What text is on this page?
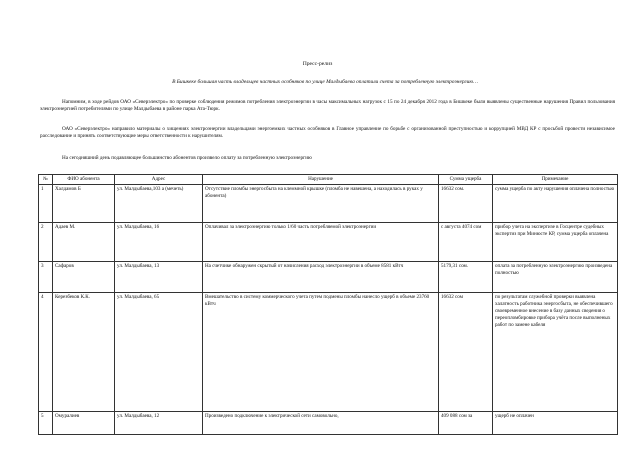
Пресс-релиз
В Бишкеке большая часть владельцев частных особняков по улице Малдыбаева оплатили счета за потребленную электроэнергию…
Напомним, в ходе рейдов ОАО «Северэлектро» по проверке соблюдения режимов потребления электроэнергии в часы максимальных нагрузок с 15 по 24 декабря 2012 года в Бишкеке были выявлены существенные нарушения Правил пользования электроэнергией потребителями по улице Малдыбаева в районе парка Ата-Тюрк.
ОАО «Северэлектро» направило материалы о хищениях электроэнергии владельцами энергоемких частных особняков в Главное управление по борьбе с организованной преступностью и коррупцией МВД КР с просьбой провести независимое расследование и принять соответствующие меры ответственности к нарушителям.
На сегодняшний день подавляющее большинство абонентов произвело оплату за потребленную электроэнергию
№	ФИО абонента	Адрес	Нарушение	Сумма ущерба	Примечание
1	Халдамов Б	ул. Малдыбаева,103 а (мечеть)	Отсутствие пломбы энергосбыта на клеммной крышке (пломба не навешена, а находилась в руках у абонента)	16632 сом.	сумма ущерба по акту нарушения оплачена полностью
2	Адаев М.	ул. Малдыбаева, 16	Оплачивал за электроэнергию только 1/60 часть потребляемой электроэнергии	с августа 4074 сом	прибор учета на экспертизе в Госцентре судебных экспертиз при Минюсте КР, сумма ущерба оплачена
3	Сафаров	ул. Малдыбаева, 13	На счетчике обнаружен скрытый от начисления расход электроэнергии в объеме 8581 кВтч	5179,31 сом.	оплата за потребленную электроэнергию произведена полностью
4	Керезбеков К.К.	ул. Малдыбаева, 65	Вмешательство в систему коммерческого учета путем подмены пломбы нанесло ущерб в объеме 23760 кВтч	16632 сом	по результатам служебной проверки выявлена халатность работника энергосбыта, не обеспечившего своевременное внесение в базу данных сведения о переопломбировке прибора учёта после выполненых работ по замене кабеля
5	Омуралиев	ул. Малдыбаева, 12	Произведено подключение к электрической сети самовольно,	409 088 сом за	ущерб не оплачен
